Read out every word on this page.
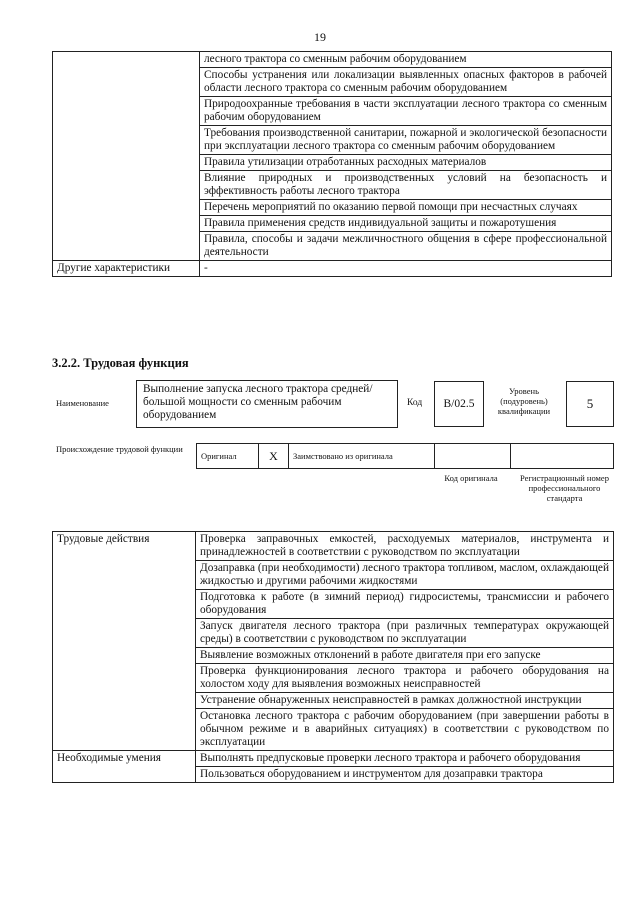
19
	лесного трактора со сменным рабочим оборудованием
	Способы устранения или локализации выявленных опасных факторов в рабочей области лесного трактора со сменным рабочим оборудованием
	Природоохранные требования в части эксплуатации лесного трактора со сменным рабочим оборудованием
	Требования производственной санитарии, пожарной и экологической безопасности при эксплуатации лесного трактора со сменным рабочим оборудованием
	Правила утилизации отработанных расходных материалов
	Влияние природных и производственных условий на безопасность и эффективность работы лесного трактора
	Перечень мероприятий по оказанию первой помощи при несчастных случаях
	Правила применения средств индивидуальной защиты и пожаротушения
	Правила, способы и задачи межличностного общения в сфере профессиональной деятельности
Другие характеристики	-
3.2.2. Трудовая функция
Наименование
Выполнение запуска лесного трактора средней/большой мощности со сменным рабочим оборудованием
Код	B/02.5
Уровень (подуровень) квалификации	5
Происхождение трудовой функции
Оригинал	X	Заимствовано из оригинала		
Код оригинала	Регистрационный номер профессионального стандарта
Трудовые действия	Проверка заправочных емкостей, расходуемых материалов, инструмента и принадлежностей в соответствии с руководством по эксплуатации
	Дозаправка (при необходимости) лесного трактора топливом, маслом, охлаждающей жидкостью и другими рабочими жидкостями
	Подготовка к работе (в зимний период) гидросистемы, трансмиссии и рабочего оборудования
	Запуск двигателя лесного трактора (при различных температурах окружающей среды) в соответствии с руководством по эксплуатации
	Выявление возможных отклонений в работе двигателя при его запуске
	Проверка функционирования лесного трактора и рабочего оборудования на холостом ходу для выявления возможных неисправностей
	Устранение обнаруженных неисправностей в рамках должностной инструкции
	Остановка лесного трактора с рабочим оборудованием (при завершении работы в обычном режиме и в аварийных ситуациях) в соответствии с руководством по эксплуатации
Необходимые умения	Выполнять предпусковые проверки лесного трактора и рабочего оборудования
	Пользоваться оборудованием и инструментом для дозаправки трактора
